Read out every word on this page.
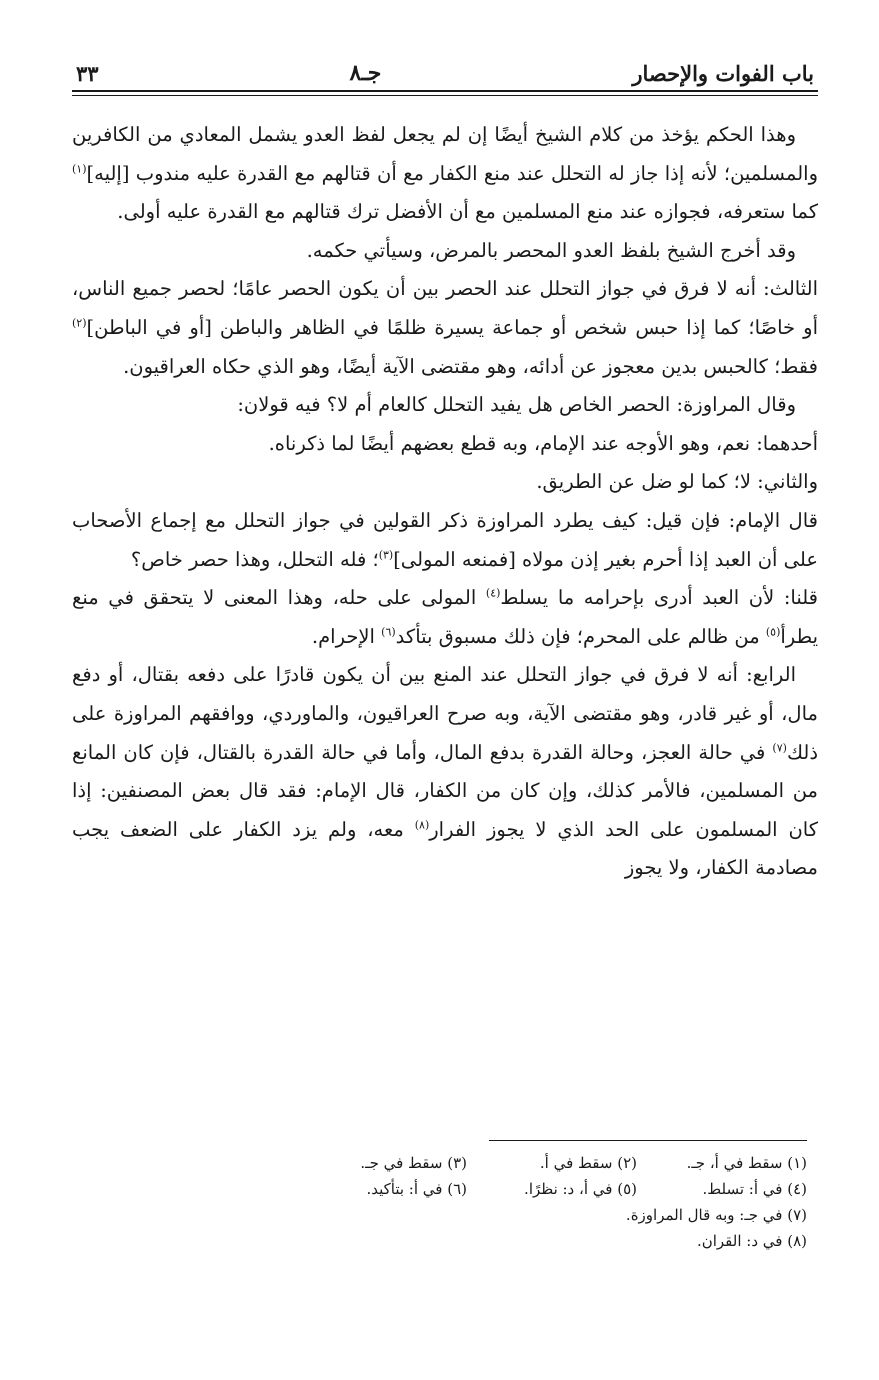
باب الفوات والإحصار
جـ٨
٣٣

وهذا الحكم يؤخذ من كلام الشيخ أيضًا إن لم يجعل لفظ العدو يشمل المعادي من الكافرين والمسلمين؛ لأنه إذا جاز له التحلل عند منع الكفار مع أن قتالهم مع القدرة عليه مندوب [إليه]$^{(١)}$ كما ستعرفه، فجوازه عند منع المسلمين مع أن الأفضل ترك قتالهم مع القدرة عليه أولى.

وقد أخرج الشيخ بلفظ العدو المحصر بالمرض، وسيأتي حكمه.

الثالث: أنه لا فرق في جواز التحلل عند الحصر بين أن يكون الحصر عامًا؛ لحصر جميع الناس، أو خاصًا؛ كما إذا حبس شخص أو جماعة يسيرة ظلمًا في الظاهر والباطن [أو في الباطن]$^{(٢)}$ فقط؛ كالحبس بدين معجوز عن أدائه، وهو مقتضى الآية أيضًا، وهو الذي حكاه العراقيون.

وقال المراوزة: الحصر الخاص هل يفيد التحلل كالعام أم لا؟ فيه قولان:

أحدهما: نعم، وهو الأوجه عند الإمام، وبه قطع بعضهم أيضًا لما ذكرناه.

والثاني: لا؛ كما لو ضل عن الطريق.

قال الإمام: فإن قيل: كيف يطرد المراوزة ذكر القولين في جواز التحلل مع إجماع الأصحاب على أن العبد إذا أحرم بغير إذن مولاه [فمنعه المولى]$^{(٣)}$؛ فله التحلل، وهذا حصر خاص؟

قلنا: لأن العبد أدرى بإحرامه ما يسلط$^{(٤)}$ المولى على حله، وهذا المعنى لا يتحقق في منع يطرأ$^{(٥)}$ من ظالم على المحرم؛ فإن ذلك مسبوق بتأكد$^{(٦)}$ الإحرام.

الرابع: أنه لا فرق في جواز التحلل عند المنع بين أن يكون قادرًا على دفعه بقتال، أو دفع مال، أو غير قادر، وهو مقتضى الآية، وبه صرح العراقيون، والماوردي، ووافقهم المراوزة على ذلك$^{(٧)}$ في حالة العجز، وحالة القدرة بدفع المال، وأما في حالة القدرة بالقتال، فإن كان المانع من المسلمين، فالأمر كذلك، وإن كان من الكفار، قال الإمام: فقد قال بعض المصنفين: إذا كان المسلمون على الحد الذي لا يجوز الفرار$^{(٨)}$ معه، ولم يزد الكفار على الضعف يجب مصادمة الكفار، ولا يجوز

(١) سقط في أ، جـ.
(٢) سقط في أ.
(٣) سقط في جـ.
(٤) في أ: تسلط.
(٥) في أ، د: نظرًا.
(٦) في أ: بتأكيد.
(٧) في جـ: وبه قال المراوزة.
(٨) في د: القران.
